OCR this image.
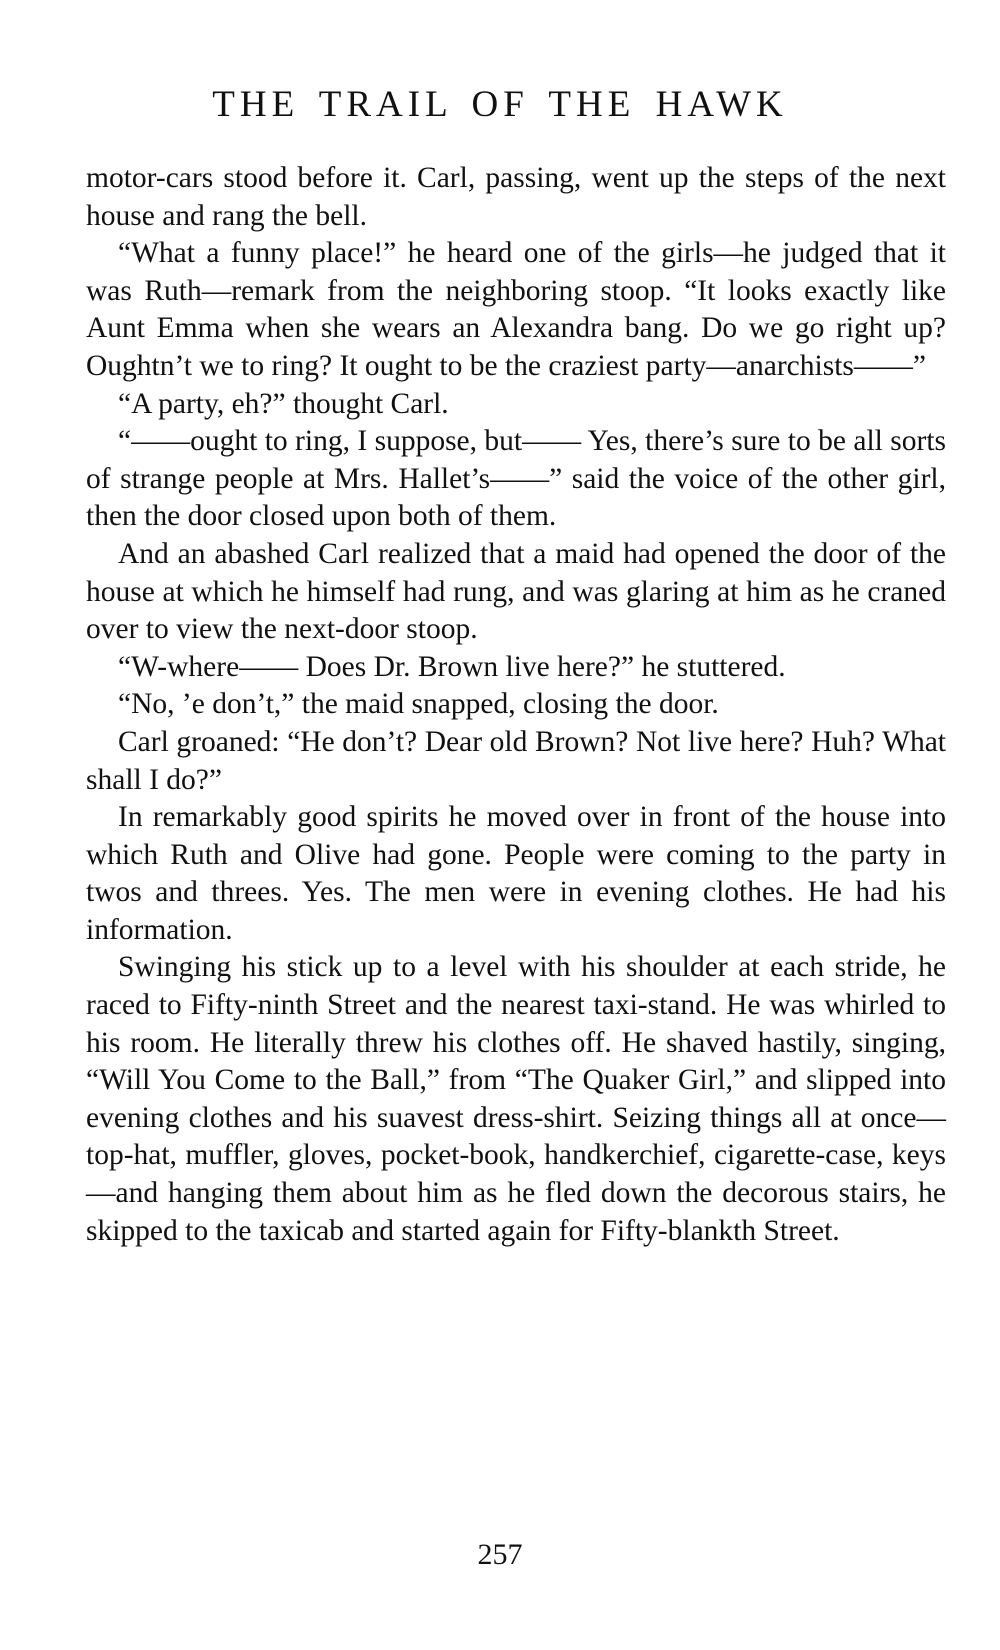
THE TRAIL OF THE HAWK

motor-cars stood before it. Carl, passing, went up the steps of the next house and rang the bell.

“What a funny place!” he heard one of the girls—he judged that it was Ruth—remark from the neighboring stoop. “It looks exactly like Aunt Emma when she wears an Alexandra bang. Do we go right up? Oughtn’t we to ring? It ought to be the craziest party—anarchists——”

“A party, eh?” thought Carl.

“——ought to ring, I suppose, but—— Yes, there’s sure to be all sorts of strange people at Mrs. Hallet’s——” said the voice of the other girl, then the door closed upon both of them.

And an abashed Carl realized that a maid had opened the door of the house at which he himself had rung, and was glaring at him as he craned over to view the next-door stoop.

“W-where—— Does Dr. Brown live here?” he stuttered.

“No, ’e don’t,” the maid snapped, closing the door.

Carl groaned: “He don’t? Dear old Brown? Not live here? Huh? What shall I do?”

In remarkably good spirits he moved over in front of the house into which Ruth and Olive had gone. People were coming to the party in twos and threes. Yes. The men were in evening clothes. He had his information.

Swinging his stick up to a level with his shoulder at each stride, he raced to Fifty-ninth Street and the nearest taxi-stand. He was whirled to his room. He literally threw his clothes off. He shaved hastily, singing, “Will You Come to the Ball,” from “The Quaker Girl,” and slipped into evening clothes and his suavest dress-shirt. Seizing things all at once—top-hat, muffler, gloves, pocket-book, handkerchief, cigarette-case, keys—and hanging them about him as he fled down the decorous stairs, he skipped to the taxicab and started again for Fifty-blankth Street.

257
